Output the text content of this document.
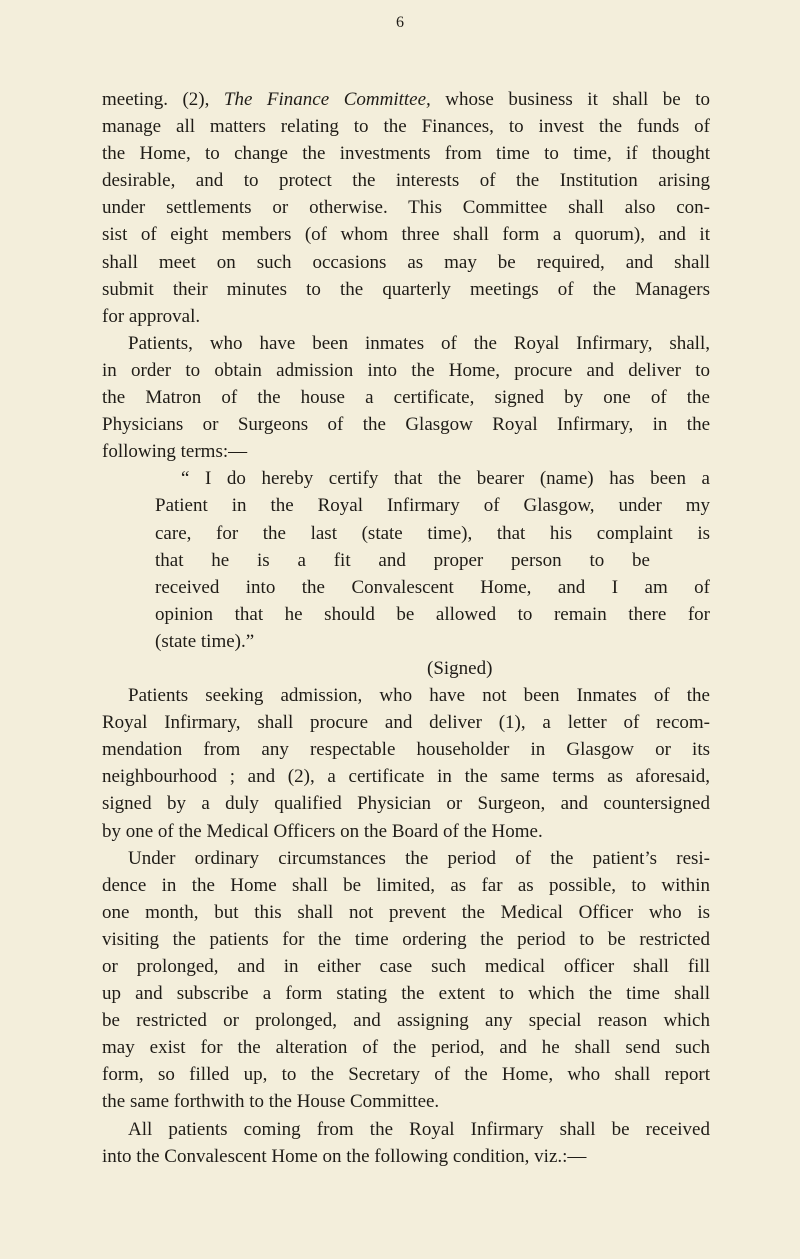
6
meeting. (2), The Finance Committee, whose business it shall be to
manage all matters relating to the Finances, to invest the funds of
the Home, to change the investments from time to time, if thought
desirable, and to protect the interests of the Institution arising
under settlements or otherwise. This Committee shall also con-
sist of eight members (of whom three shall form a quorum), and it
shall meet on such occasions as may be required, and shall
submit their minutes to the quarterly meetings of the Managers
for approval.
Patients, who have been inmates of the Royal Infirmary, shall,
in order to obtain admission into the Home, procure and deliver to
the Matron of the house a certificate, signed by one of the
Physicians or Surgeons of the Glasgow Royal Infirmary, in the
following terms:—
“ I do hereby certify that the bearer (name) has been a
Patient in the Royal Infirmary of Glasgow, under my
care, for the last (state time), that his complaint is
that he is a fit and proper person to be
received into the Convalescent Home, and I am of
opinion that he should be allowed to remain there for
(state time).”
(Signed)
Patients seeking admission, who have not been Inmates of the
Royal Infirmary, shall procure and deliver (1), a letter of recom-
mendation from any respectable householder in Glasgow or its
neighbourhood ; and (2), a certificate in the same terms as aforesaid,
signed by a duly qualified Physician or Surgeon, and countersigned
by one of the Medical Officers on the Board of the Home.
Under ordinary circumstances the period of the patient’s resi-
dence in the Home shall be limited, as far as possible, to within
one month, but this shall not prevent the Medical Officer who is
visiting the patients for the time ordering the period to be restricted
or prolonged, and in either case such medical officer shall fill
up and subscribe a form stating the extent to which the time shall
be restricted or prolonged, and assigning any special reason which
may exist for the alteration of the period, and he shall send such
form, so filled up, to the Secretary of the Home, who shall report
the same forthwith to the House Committee.
All patients coming from the Royal Infirmary shall be received
into the Convalescent Home on the following condition, viz.:—
